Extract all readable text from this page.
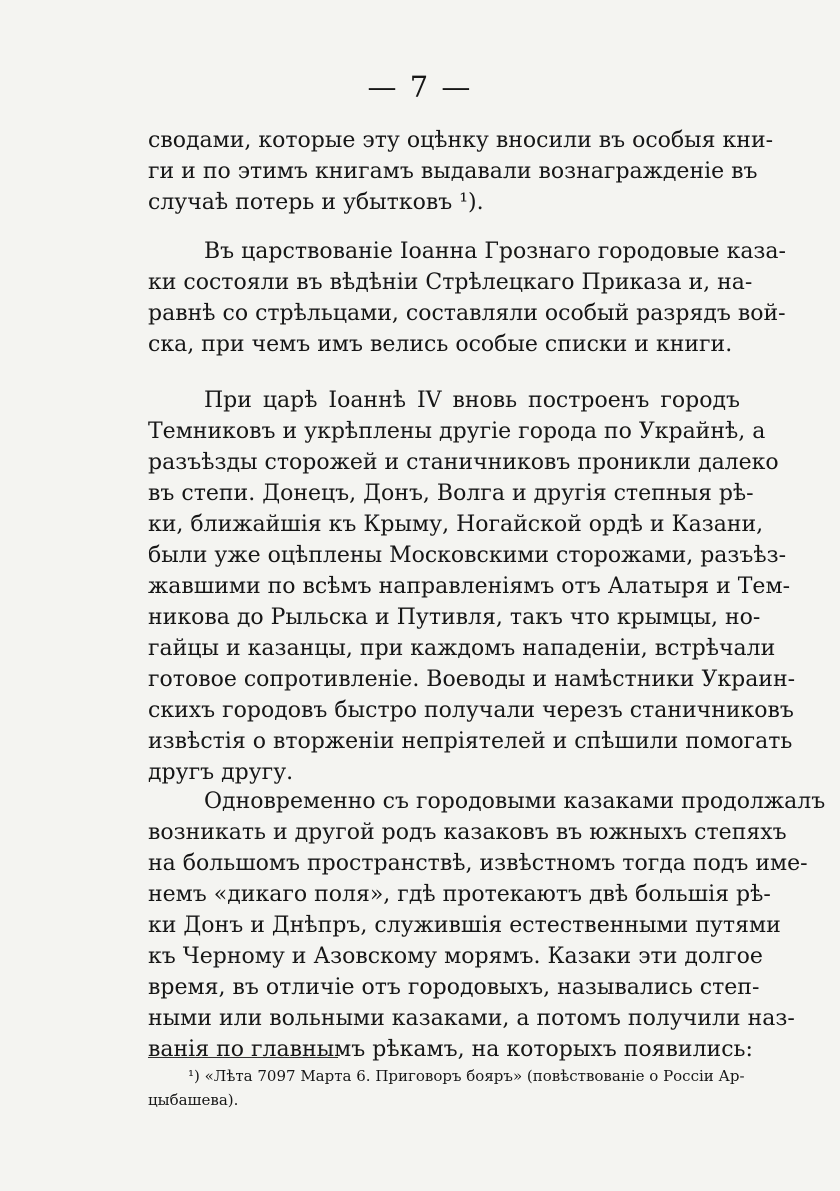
— 7 —
сводами, которые эту оцѣнку вносили въ особыя кни-
ги и по этимъ книгамъ выдавали вознагражденіе въ
случаѣ потерь и убытковъ ¹).
Въ царствованіе Іоанна Грознаго городовые каза-
ки состояли въ вѣдѣніи Стрѣлецкаго Приказа и, на-
равнѣ со стрѣльцами, составляли особый разрядъ вой-
ска, при чемъ имъ велись особые списки и книги.
При царѣ Іоаннѣ IV вновь построенъ городъ
Темниковъ и укрѣплены другіе города по Украйнѣ, а
разъѣзды сторожей и станичниковъ проникли далеко
въ степи. Донецъ, Донъ, Волга и другія степныя рѣ-
ки, ближайшія къ Крыму, Ногайской ордѣ и Казани,
были уже оцѣплены Московскими сторожами, разъѣз-
жавшими по всѣмъ направленіямъ отъ Алатыря и Тем-
никова до Рыльска и Путивля, такъ что крымцы, но-
гайцы и казанцы, при каждомъ нападеніи, встрѣчали
готовое сопротивленіе. Воеводы и намѣстники Украин-
скихъ городовъ быстро получали черезъ станичниковъ
извѣстія о вторженіи непріятелей и спѣшили помогать
другъ другу.
Одновременно съ городовыми казаками продолжалъ
возникать и другой родъ казаковъ въ южныхъ степяхъ
на большомъ пространствѣ, извѣстномъ тогда подъ име-
немъ «дикаго поля», гдѣ протекаютъ двѣ большія рѣ-
ки Донъ и Днѣпръ, служившія естественными путями
къ Черному и Азовскому морямъ. Казаки эти долгое
время, въ отличіе отъ городовыхъ, назывались степ-
ными или вольными казаками, а потомъ получили наз-
ванія по главнымъ рѣкамъ, на которыхъ появились:
¹) «Лѣта 7097 Марта 6. Приговоръ бояръ» (повѣствованіе о Россіи Ар-
цыбашева).
